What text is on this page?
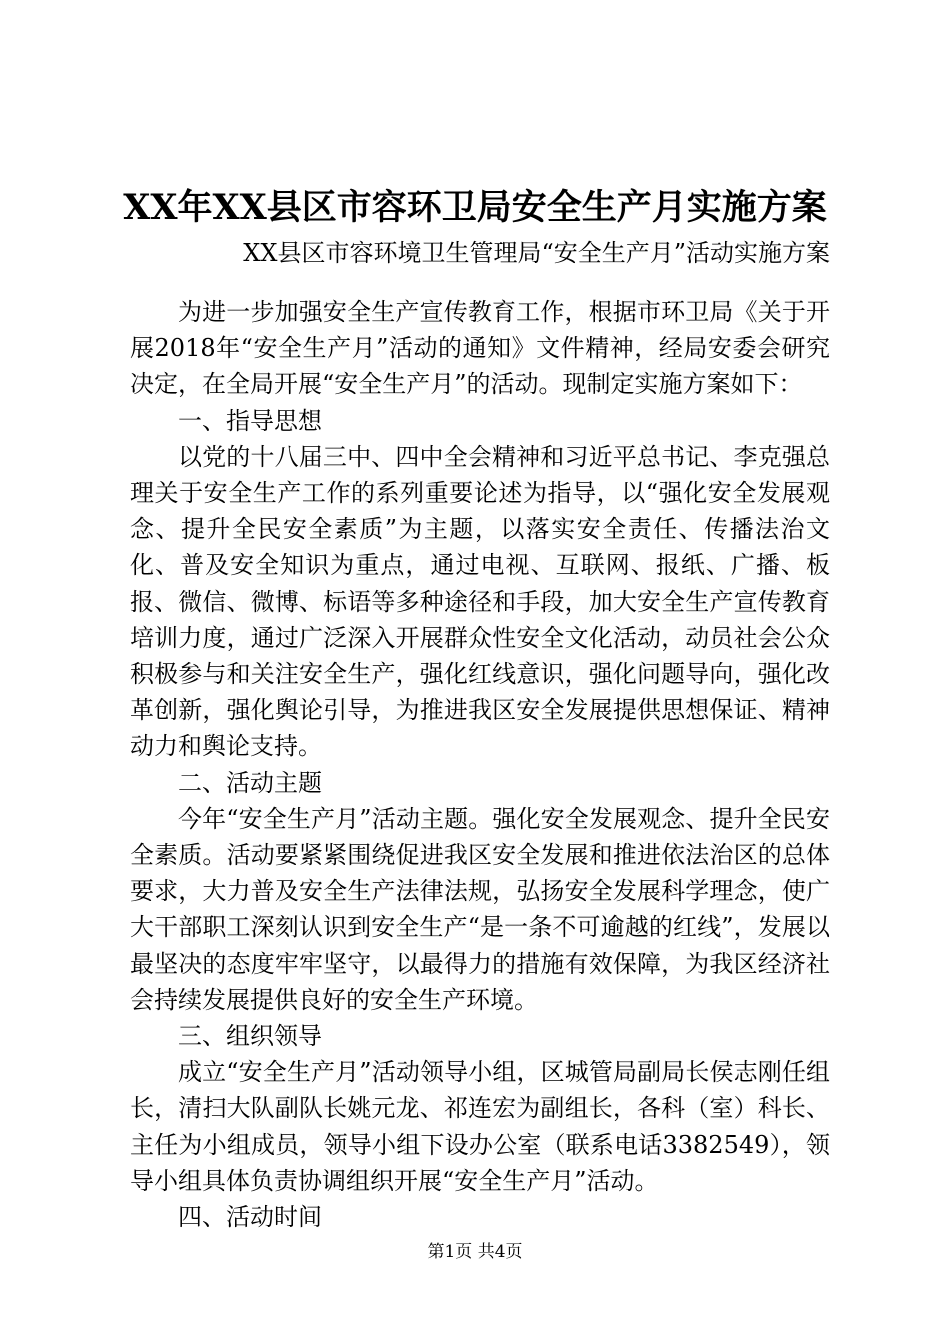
XX年XX县区市容环卫局安全生产月实施方案
XX县区市容环境卫生管理局“安全生产月”活动实施方案

为进一步加强安全生产宣传教育工作，根据市环卫局《关于开展2018年“安全生产月”活动的通知》文件精神，经局安委会研究决定，在全局开展“安全生产月”的活动。现制定实施方案如下：

一、指导思想

以党的十八届三中、四中全会精神和习近平总书记、李克强总理关于安全生产工作的系列重要论述为指导，以“强化安全发展观念、提升全民安全素质”为主题，以落实安全责任、传播法治文化、普及安全知识为重点，通过电视、互联网、报纸、广播、板报、微信、微博、标语等多种途径和手段，加大安全生产宣传教育培训力度，通过广泛深入开展群众性安全文化活动，动员社会公众积极参与和关注安全生产，强化红线意识，强化问题导向，强化改革创新，强化舆论引导，为推进我区安全发展提供思想保证、精神动力和舆论支持。

二、活动主题

今年“安全生产月”活动主题。强化安全发展观念、提升全民安全素质。活动要紧紧围绕促进我区安全发展和推进依法治区的总体要求，大力普及安全生产法律法规，弘扬安全发展科学理念，使广大干部职工深刻认识到安全生产“是一条不可逾越的红线”，发展以最坚决的态度牢牢坚守，以最得力的措施有效保障，为我区经济社会持续发展提供良好的安全生产环境。

三、组织领导

成立“安全生产月”活动领导小组，区城管局副局长侯志刚任组长，清扫大队副队长姚元龙、祁连宏为副组长，各科（室）科长、主任为小组成员，领导小组下设办公室（联系电话3382549），领导小组具体负责协调组织开展“安全生产月”活动。

四、活动时间

第1页 共4页
